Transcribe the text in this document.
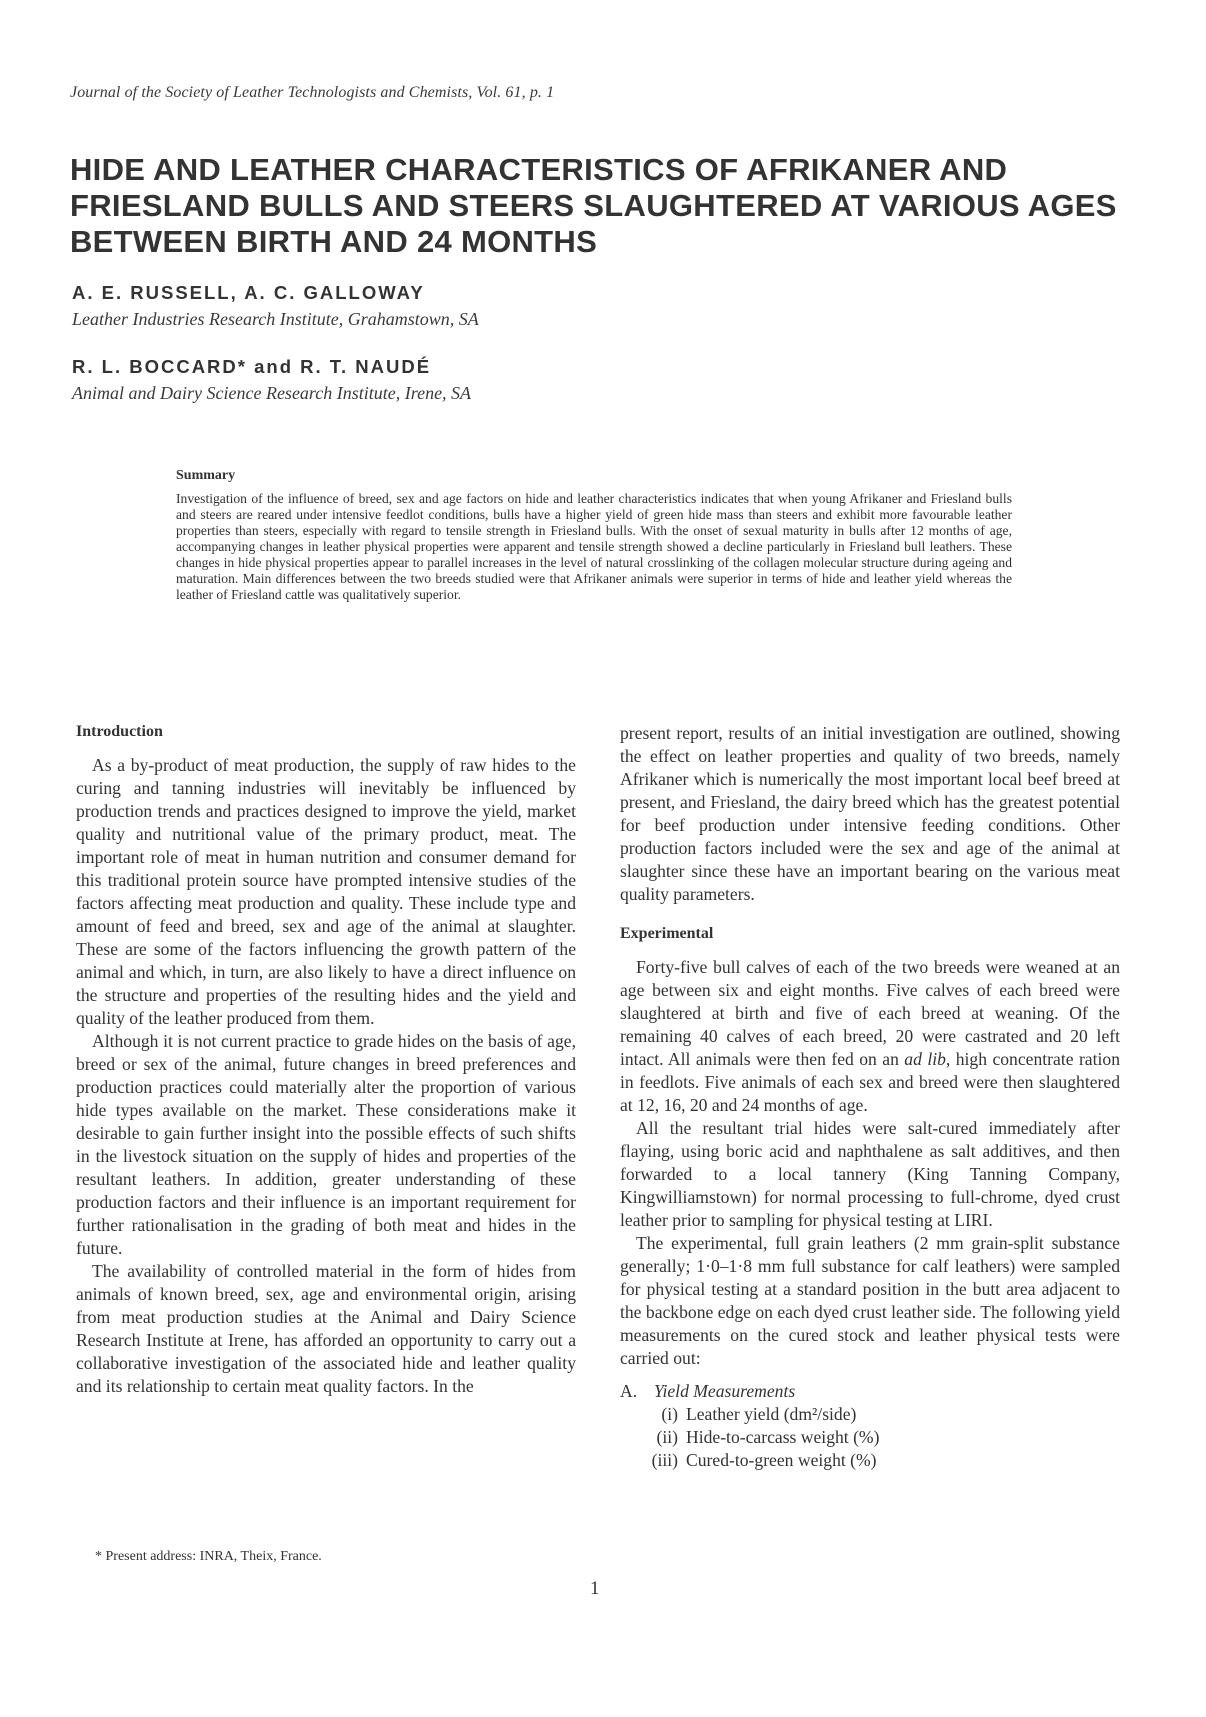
Journal of the Society of Leather Technologists and Chemists, Vol. 61, p. 1
HIDE AND LEATHER CHARACTERISTICS OF AFRIKANER AND FRIESLAND BULLS AND STEERS SLAUGHTERED AT VARIOUS AGES BETWEEN BIRTH AND 24 MONTHS
A. E. RUSSELL, A. C. GALLOWAY
Leather Industries Research Institute, Grahamstown, SA
R. L. BOCCARD* and R. T. NAUDÉ
Animal and Dairy Science Research Institute, Irene, SA
Summary

Investigation of the influence of breed, sex and age factors on hide and leather characteristics indicates that when young Afrikaner and Friesland bulls and steers are reared under intensive feedlot conditions, bulls have a higher yield of green hide mass than steers and exhibit more favourable leather properties than steers, especially with regard to tensile strength in Friesland bulls. With the onset of sexual maturity in bulls after 12 months of age, accompanying changes in leather physical properties were apparent and tensile strength showed a decline particularly in Friesland bull leathers. These changes in hide physical properties appear to parallel increases in the level of natural crosslinking of the collagen molecular structure during ageing and maturation. Main differences between the two breeds studied were that Afrikaner animals were superior in terms of hide and leather yield whereas the leather of Friesland cattle was qualitatively superior.

Introduction

As a by-product of meat production, the supply of raw hides to the curing and tanning industries will inevitably be influenced by production trends and practices designed to improve the yield, market quality and nutritional value of the primary product, meat. The important role of meat in human nutrition and consumer demand for this traditional protein source have prompted intensive studies of the factors affecting meat production and quality. These include type and amount of feed and breed, sex and age of the animal at slaughter. These are some of the factors influencing the growth pattern of the animal and which, in turn, are also likely to have a direct influence on the structure and properties of the resulting hides and the yield and quality of the leather produced from them.

Although it is not current practice to grade hides on the basis of age, breed or sex of the animal, future changes in breed preferences and production practices could materially alter the proportion of various hide types available on the market. These considerations make it desirable to gain further insight into the possible effects of such shifts in the livestock situation on the supply of hides and properties of the resultant leathers. In addition, greater understanding of these production factors and their influence is an important requirement for further rationalisation in the grading of both meat and hides in the future.

The availability of controlled material in the form of hides from animals of known breed, sex, age and environmental origin, arising from meat production studies at the Animal and Dairy Science Research Institute at Irene, has afforded an opportunity to carry out a collaborative investigation of the associated hide and leather quality and its relationship to certain meat quality factors. In the

present report, results of an initial investigation are outlined, showing the effect on leather properties and quality of two breeds, namely Afrikaner which is numerically the most important local beef breed at present, and Friesland, the dairy breed which has the greatest potential for beef production under intensive feeding conditions. Other production factors included were the sex and age of the animal at slaughter since these have an important bearing on the various meat quality parameters.

Experimental

Forty-five bull calves of each of the two breeds were weaned at an age between six and eight months. Five calves of each breed were slaughtered at birth and five of each breed at weaning. Of the remaining 40 calves of each breed, 20 were castrated and 20 left intact. All animals were then fed on an ad lib, high concentrate ration in feedlots. Five animals of each sex and breed were then slaughtered at 12, 16, 20 and 24 months of age.

All the resultant trial hides were salt-cured immediately after flaying, using boric acid and naphthalene as salt additives, and then forwarded to a local tannery (King Tanning Company, Kingwilliamstown) for normal processing to full-chrome, dyed crust leather prior to sampling for physical testing at LIRI.

The experimental, full grain leathers (2 mm grain-split substance generally; 1·0–1·8 mm full substance for calf leathers) were sampled for physical testing at a standard position in the butt area adjacent to the backbone edge on each dyed crust leather side. The following yield measurements on the cured stock and leather physical tests were carried out:

A. Yield Measurements
(i) Leather yield (dm²/side)
(ii) Hide-to-carcass weight (%)
(iii) Cured-to-green weight (%)
* Present address: INRA, Theix, France.
1
